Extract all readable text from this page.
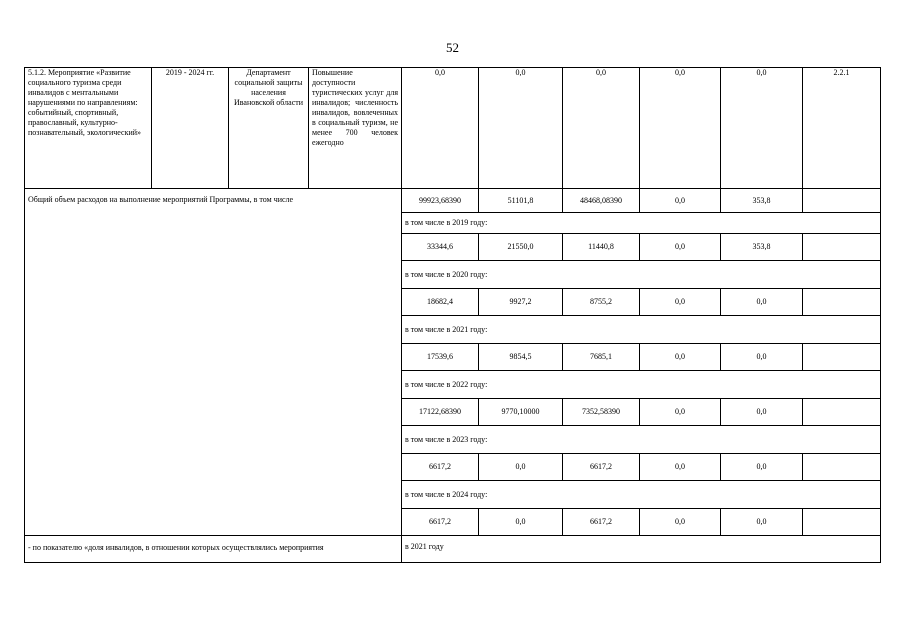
52
5.1.2. Мероприятие «Развитие социального туризма среди инвалидов с ментальными нарушениями по направлениям: событийный, спортивный, православный, культурно-познавательный, экологический»	2019 - 2024 гг.	Департамент социальной защиты населения Ивановской области	Повышение доступности туристических услуг для инвалидов; численность инвалидов, вовлеченных в социальный туризм, не менее 700 человек ежегодно	0,0	0,0	0,0	0,0	0,0	2.2.1
Общий объем расходов на выполнение мероприятий Программы, в том числе				99923,68390	51101,8	48468,08390	0,0	353,8	
				в том числе в 2019 году:					
				33344,6	21550,0	11440,8	0,0	353,8	
				в том числе в 2020 году:					
				18682,4	9927,2	8755,2	0,0	0,0	
				в том числе в 2021 году:					
				17539,6	9854,5	7685,1	0,0	0,0	
				в том числе в 2022 году:					
				17122,68390	9770,10000	7352,58390	0,0	0,0	
				в том числе в 2023 году:					
				6617,2	0,0	6617,2	0,0	0,0	
				в том числе в 2024 году:					
				6617,2	0,0	6617,2	0,0	0,0	
- по показателю «доля инвалидов, в отношении которых осуществлялись мероприятия				в 2021 году					
